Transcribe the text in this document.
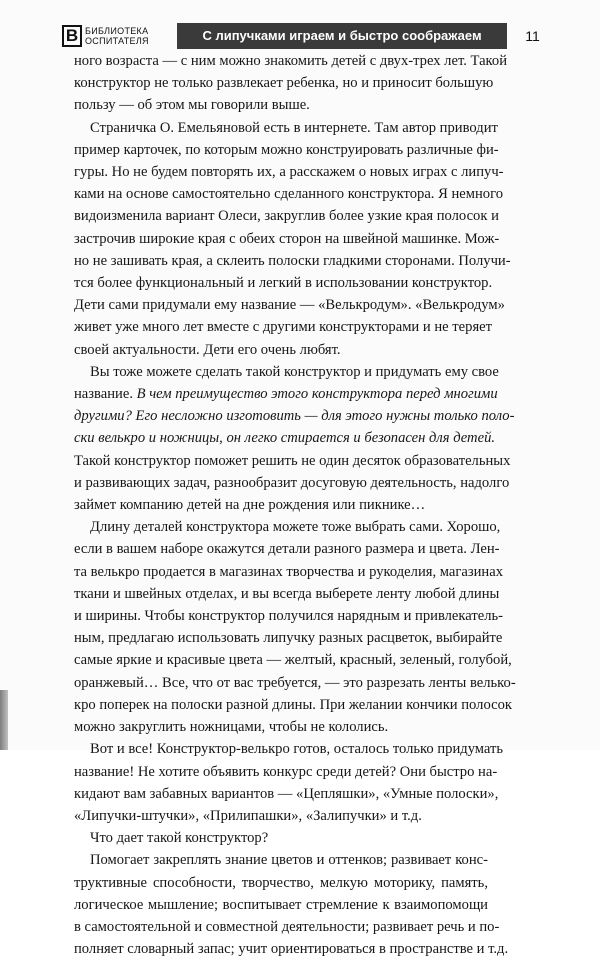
В БИБЛИОТЕКА
ОСПИТАТЕЛЯ	С липучками играем и быстро соображаем	11

ного возраста — с ним можно знакомить детей с двух-трех лет. Такой
конструктор не только развлекает ребенка, но и приносит большую
пользу — об этом мы говорили выше.

Страничка О. Емельяновой есть в интернете. Там автор приводит
пример карточек, по которым можно конструировать различные фи-
гуры. Но не будем повторять их, а расскажем о новых играх с липуч-
ками на основе самостоятельно сделанного конструктора. Я немного
видоизменила вариант Олеси, закруглив более узкие края полосок и
застрочив широкие края с обеих сторон на швейной машинке. Мож-
но не зашивать края, а склеить полоски гладкими сторонами. Получи-
тся более функциональный и легкий в использовании конструктор.
Дети сами придумали ему название — «Велькродум». «Велькродум»
живет уже много лет вместе с другими конструкторами и не теряет
своей актуальности. Дети его очень любят.

Вы тоже можете сделать такой конструктор и придумать ему свое
название. В чем преимущество этого конструктора перед многими
другими? Его несложно изготовить — для этого нужны только поло-
ски велькро и ножницы, он легко стирается и безопасен для детей.
Такой конструктор поможет решить не один десяток образовательных
и развивающих задач, разнообразит досуговую деятельность, надолго
займет компанию детей на дне рождения или пикнике…

Длину деталей конструктора можете тоже выбрать сами. Хорошо,
если в вашем наборе окажутся детали разного размера и цвета. Лен-
та велькро продается в магазинах творчества и рукоделия, магазинах
ткани и швейных отделах, и вы всегда выберете ленту любой длины
и ширины. Чтобы конструктор получился нарядным и привлекатель-
ным, предлагаю использовать липучку разных расцветок, выбирайте
самые яркие и красивые цвета — желтый, красный, зеленый, голубой,
оранжевый… Все, что от вас требуется, — это разрезать ленты велько-
кро поперек на полоски разной длины. При желании кончики полосок
можно закруглить ножницами, чтобы не кололись.

Вот и все! Конструктор-велькро готов, осталось только придумать
название! Не хотите объявить конкурс среди детей? Они быстро на-
кидают вам забавных вариантов — «Цепляшки», «Умные полоски»,
«Липучки-штучки», «Прилипашки», «Залипучки» и т.д.

Что дает такой конструктор?

Помогает закреплять знание цветов и оттенков; развивает конс-
труктивные способности, творчество, мелкую моторику, память,
логическое мышление; воспитывает стремление к взаимопомощи
в самостоятельной и совместной деятельности; развивает речь и по-
полняет словарный запас; учит ориентироваться в пространстве и т.д.
